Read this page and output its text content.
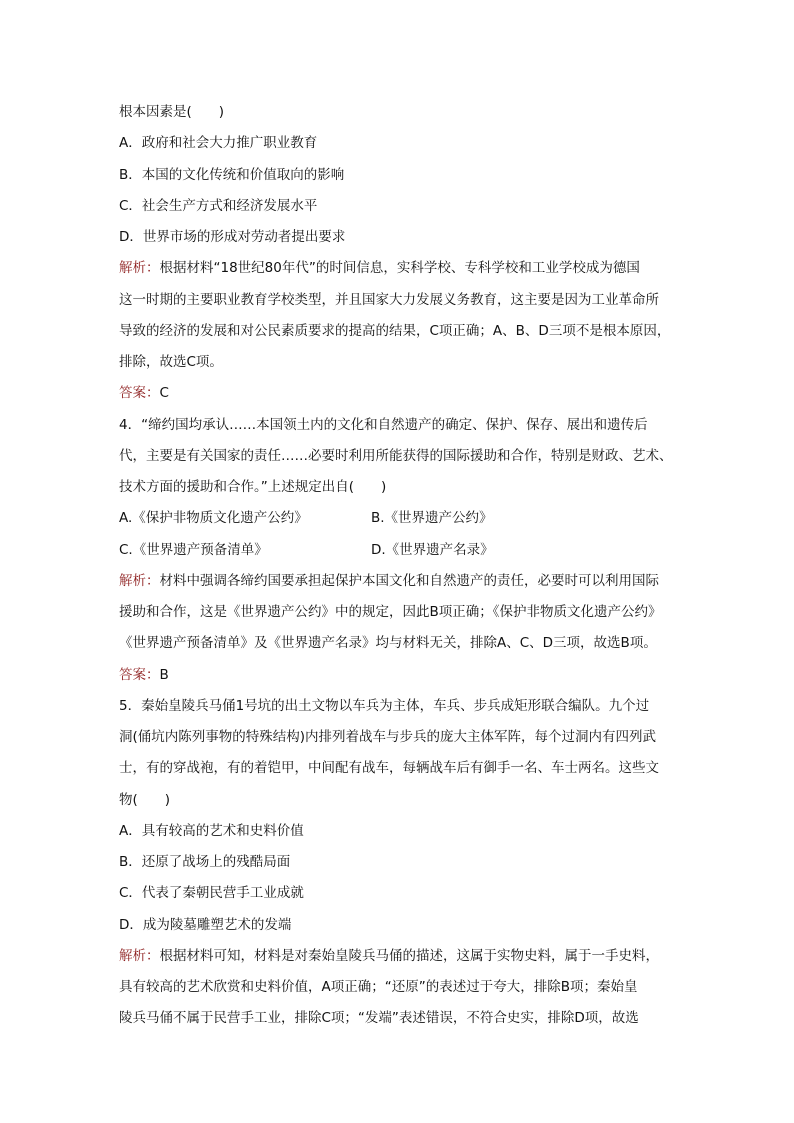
根本因素是(　　)
A．政府和社会大力推广职业教育
B．本国的文化传统和价值取向的影响
C．社会生产方式和经济发展水平
D．世界市场的形成对劳动者提出要求
解析：根据材料“18世纪80年代”的时间信息，实科学校、专科学校和工业学校成为德国
这一时期的主要职业教育学校类型，并且国家大力发展义务教育，这主要是因为工业革命所
导致的经济的发展和对公民素质要求的提高的结果，C项正确；A、B、D三项不是根本原因，
排除，故选C项。
答案：C
4．“缔约国均承认……本国领土内的文化和自然遗产的确定、保护、保存、展出和遗传后
代，主要是有关国家的责任……必要时利用所能获得的国际援助和合作，特别是财政、艺术、
技术方面的援助和合作。”上述规定出自(　　)
A.《保护非物质文化遗产公约》	B.《世界遗产公约》
C.《世界遗产预备清单》	D.《世界遗产名录》
解析：材料中强调各缔约国要承担起保护本国文化和自然遗产的责任，必要时可以利用国际
援助和合作，这是《世界遗产公约》中的规定，因此B项正确；《保护非物质文化遗产公约》
《世界遗产预备清单》及《世界遗产名录》均与材料无关，排除A、C、D三项，故选B项。
答案：B
5．秦始皇陵兵马俑1号坑的出土文物以车兵为主体，车兵、步兵成矩形联合编队。九个过
洞(俑坑内陈列事物的特殊结构)内排列着战车与步兵的庞大主体军阵，每个过洞内有四列武
士，有的穿战袍，有的着铠甲，中间配有战车，每辆战车后有御手一名、车士两名。这些文
物(　　)
A．具有较高的艺术和史料价值
B．还原了战场上的残酷局面
C．代表了秦朝民营手工业成就
D．成为陵墓雕塑艺术的发端
解析：根据材料可知，材料是对秦始皇陵兵马俑的描述，这属于实物史料，属于一手史料，
具有较高的艺术欣赏和史料价值，A项正确；“还原”的表述过于夸大，排除B项；秦始皇
陵兵马俑不属于民营手工业，排除C项；“发端”表述错误，不符合史实，排除D项，故选
